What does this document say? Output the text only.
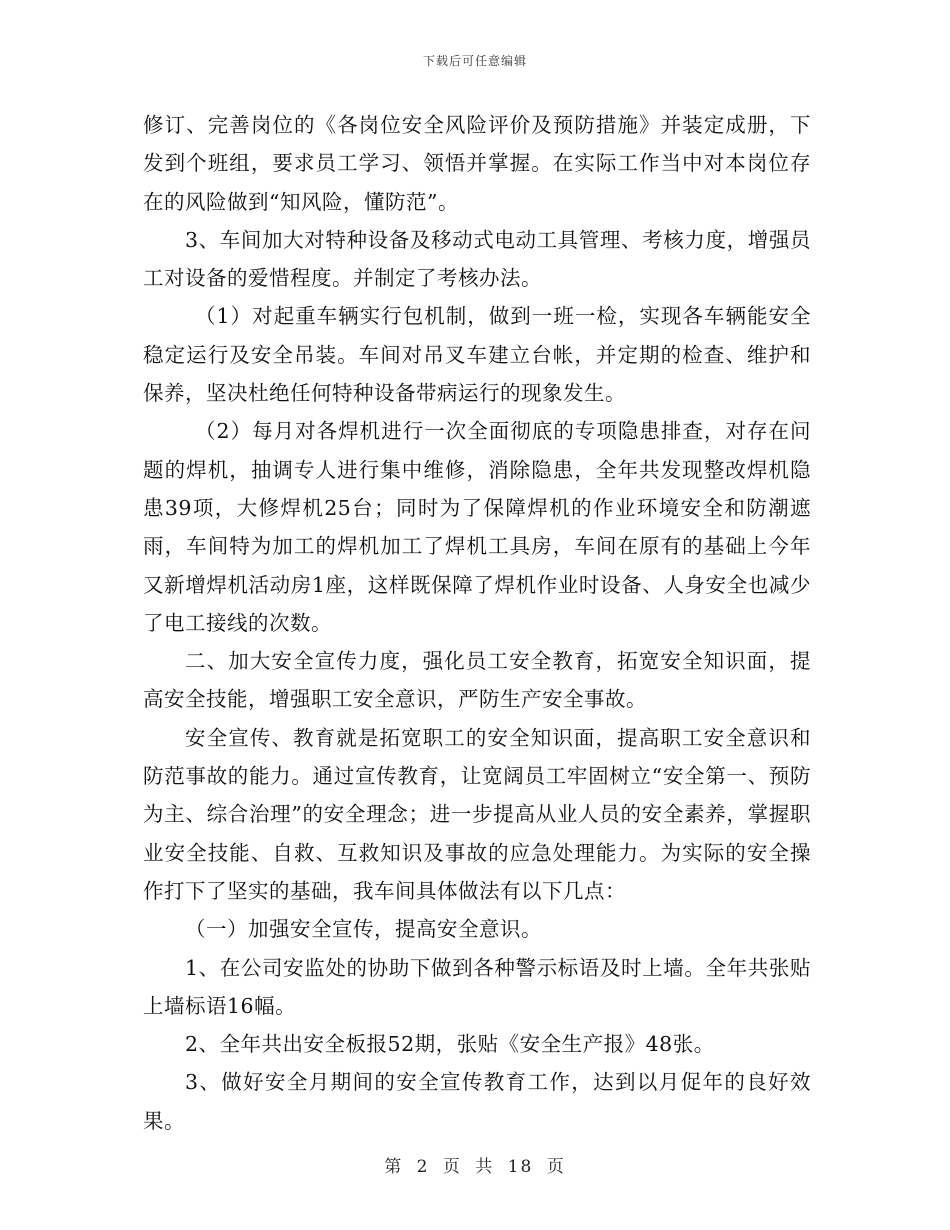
下载后可任意编辑

修订、完善岗位的《各岗位安全风险评价及预防措施》并装定成册，下发到个班组，要求员工学习、领悟并掌握。在实际工作当中对本岗位存在的风险做到“知风险，懂防范”。

3、车间加大对特种设备及移动式电动工具管理、考核力度，增强员工对设备的爱惜程度。并制定了考核办法。

（1）对起重车辆实行包机制，做到一班一检，实现各车辆能安全稳定运行及安全吊装。车间对吊叉车建立台帐，并定期的检查、维护和保养，坚决杜绝任何特种设备带病运行的现象发生。

（2）每月对各焊机进行一次全面彻底的专项隐患排查，对存在问题的焊机，抽调专人进行集中维修，消除隐患，全年共发现整改焊机隐患39项，大修焊机25台；同时为了保障焊机的作业环境安全和防潮遮雨，车间特为加工的焊机加工了焊机工具房，车间在原有的基础上今年又新增焊机活动房1座，这样既保障了焊机作业时设备、人身安全也减少了电工接线的次数。

二、加大安全宣传力度，强化员工安全教育，拓宽安全知识面，提高安全技能，增强职工安全意识，严防生产安全事故。

安全宣传、教育就是拓宽职工的安全知识面，提高职工安全意识和防范事故的能力。通过宣传教育，让宽阔员工牢固树立“安全第一、预防为主、综合治理”的安全理念；进一步提高从业人员的安全素养，掌握职业安全技能、自救、互救知识及事故的应急处理能力。为实际的安全操作打下了坚实的基础，我车间具体做法有以下几点：

（一）加强安全宣传，提高安全意识。

1、在公司安监处的协助下做到各种警示标语及时上墙。全年共张贴上墙标语16幅。

2、全年共出安全板报52期，张贴《安全生产报》48张。

3、做好安全月期间的安全宣传教育工作，达到以月促年的良好效果。

第 2 页 共 18 页
